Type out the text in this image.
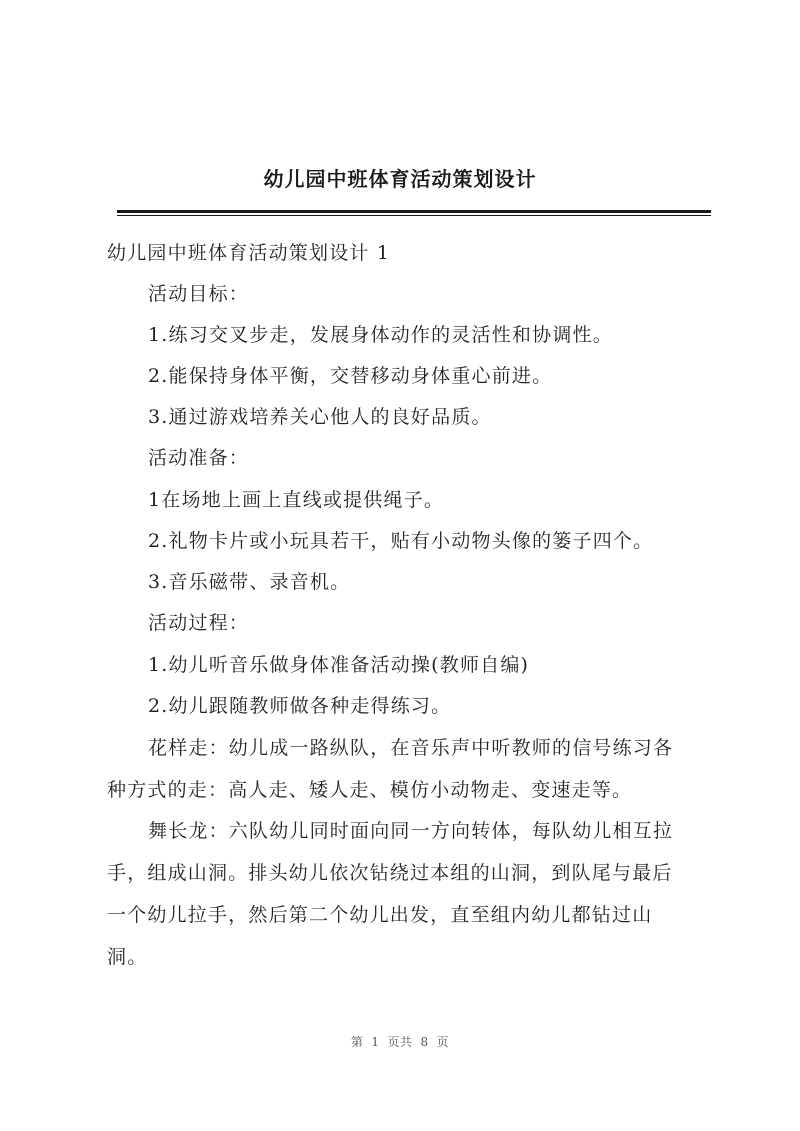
幼儿园中班体育活动策划设计
幼儿园中班体育活动策划设计 1
活动目标：
1.练习交叉步走，发展身体动作的灵活性和协调性。
2.能保持身体平衡，交替移动身体重心前进。
3.通过游戏培养关心他人的良好品质。
活动准备：
1在场地上画上直线或提供绳子。
2.礼物卡片或小玩具若干，贴有小动物头像的篓子四个。
3.音乐磁带、录音机。
活动过程：
1.幼儿听音乐做身体准备活动操(教师自编)
2.幼儿跟随教师做各种走得练习。
花样走：幼儿成一路纵队，在音乐声中听教师的信号练习各
种方式的走：高人走、矮人走、模仿小动物走、变速走等。
舞长龙：六队幼儿同时面向同一方向转体，每队幼儿相互拉
手，组成山洞。排头幼儿依次钻绕过本组的山洞，到队尾与最后
一个幼儿拉手，然后第二个幼儿出发，直至组内幼儿都钻过山
洞。
第 1 页共 8 页
